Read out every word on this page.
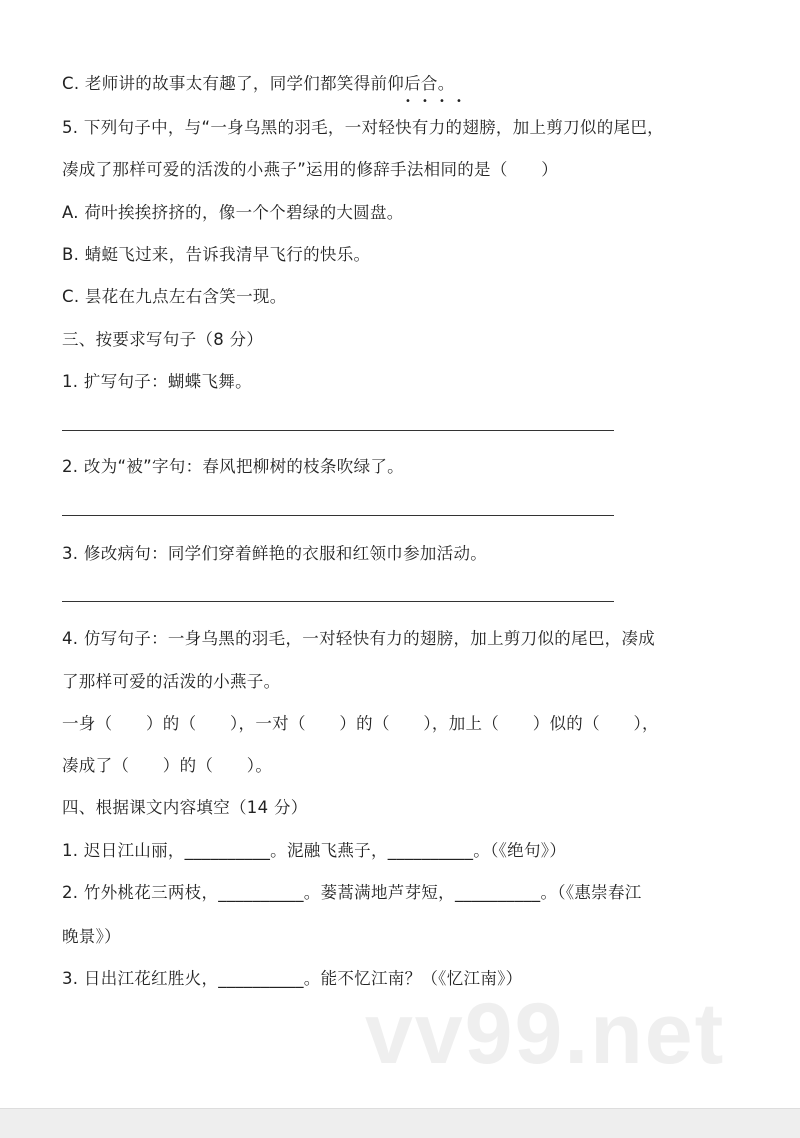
C. 老师讲的故事太有趣了，同学们都笑得前仰后合。
• • • •
5. 下列句子中，与“一身乌黑的羽毛，一对轻快有力的翅膀，加上剪刀似的尾巴，
凑成了那样可爱的活泼的小燕子”运用的修辞手法相同的是（　　）
A. 荷叶挨挨挤挤的，像一个个碧绿的大圆盘。
B. 蜻蜓飞过来，告诉我清早飞行的快乐。
C. 昙花在九点左右含笑一现。
三、按要求写句子（8 分）
1. 扩写句子：蝴蝶飞舞。
2. 改为“被”字句：春风把柳树的枝条吹绿了。
3. 修改病句：同学们穿着鲜艳的衣服和红领巾参加活动。
4. 仿写句子：一身乌黑的羽毛，一对轻快有力的翅膀，加上剪刀似的尾巴，凑成
了那样可爱的活泼的小燕子。
一身（　　）的（　　），一对（　　）的（　　），加上（　　）似的（　　），
凑成了（　　）的（　　）。
四、根据课文内容填空（14 分）
1. 迟日江山丽，__________。泥融飞燕子，__________。（《绝句》）
2. 竹外桃花三两枝，__________。蒌蒿满地芦芽短，__________。（《惠崇春江
晚景》）
3. 日出江花红胜火，__________。能不忆江南？（《忆江南》）
vv99.net
